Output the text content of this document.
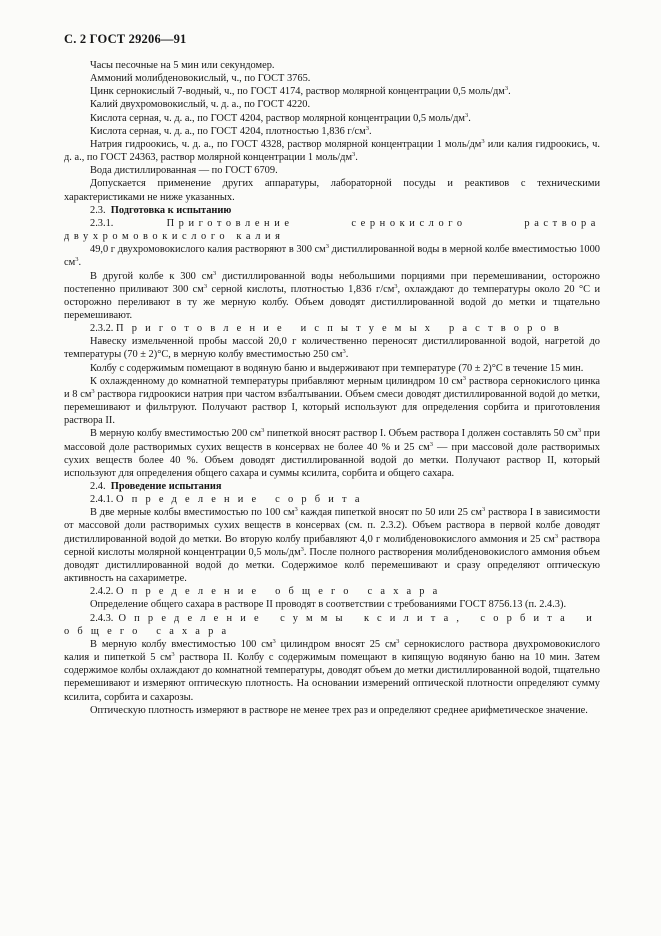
С. 2 ГОСТ 29206—91

Часы песочные на 5 мин или секундомер.

Аммоний молибденовокислый, ч., по ГОСТ 3765.

Цинк сернокислый 7-водный, ч., по ГОСТ 4174, раствор молярной концентрации 0,5 моль/$дм^3$.

Калий двухромовокислый, ч. д. а., по ГОСТ 4220.

Кислота серная, ч. д. а., по ГОСТ 4204, раствор молярной концентрации 0,5 моль/$дм^3$.

Кислота серная, ч. д. а., по ГОСТ 4204, плотностью 1,836 $г/см^3$.

Натрия гидроокись, ч. д. а., по ГОСТ 4328, раствор молярной концентрации 1 моль/$дм^3$ или калия гидроокись, ч. д. а., по ГОСТ 24363, раствор молярной концентрации 1 моль/$дм^3$.

Вода дистиллированная — по ГОСТ 6709.

Допускается применение других аппаратуры, лабораторной посуды и реактивов с техническими характеристиками не ниже указанных.

2.3. Подготовка к испытанию

2.3.1.	Приготовление сернокислого раствора двухромовокислого калия

49,0 г двухромовокислого калия растворяют в 300 $см^3$ дистиллированной воды в мерной колбе вместимостью 1000 $см^3$.

В другой колбе к 300 $см^3$ дистиллированной воды небольшими порциями при перемешивании, осторожно постепенно приливают 300 $см^3$ серной кислоты, плотностью 1,836 $г/см^3$, охлаждают до температуры около 20 °С и осторожно переливают в ту же мерную колбу. Объем доводят дистиллированной водой до метки и тщательно перемешивают.

2.3.2. Приготовление испытуемых растворов

Навеску измельченной пробы массой 20,0 г количественно переносят дистиллированной водой, нагретой до температуры (70 ± 2)°С, в мерную колбу вместимостью 250 $см^3$.

Колбу с содержимым помещают в водяную баню и выдерживают при температуре (70 ± 2)°С в течение 15 мин.

К охлажденному до комнатной температуры прибавляют мерным цилиндром 10 $см^3$ раствора сернокислого цинка и 8 $см^3$ раствора гидроокиси натрия при частом взбалтывании. Объем смеси доводят дистиллированной водой до метки, перемешивают и фильтруют. Получают раствор I, который используют для определения сорбита и приготовления раствора II.

В мерную колбу вместимостью 200 $см^3$ пипеткой вносят раствор I. Объем раствора I должен составлять 50 $см^3$ при массовой доле растворимых сухих веществ в консервах не более 40 % и 25 $см^3$ — при массовой доле растворимых сухих веществ более 40 %. Объем доводят дистиллированной водой до метки. Получают раствор II, который используют для определения общего сахара и суммы ксилита, сорбита и общего сахара.

2.4. Проведение испытания

2.4.1. Определение сорбита

В две мерные колбы вместимостью по 100 $см^3$ каждая пипеткой вносят по 50 или 25 $см^3$ раствора I в зависимости от массовой доли растворимых сухих веществ в консервах (см. п. 2.3.2). Объем раствора в первой колбе доводят дистиллированной водой до метки. Во вторую колбу прибавляют 4,0 г молибденовокислого аммония и 25 $см^3$ раствора серной кислоты молярной концентрации 0,5 моль/$дм^3$. После полного растворения молибденовокислого аммония объем доводят дистиллированной водой до метки. Содержимое колб перемешивают и сразу определяют оптическую активность на сахариметре.

2.4.2. Определение общего сахара

Определение общего сахара в растворе II проводят в соответствии с требованиями ГОСТ 8756.13 (п. 2.4.3).

2.4.3. Определение суммы ксилита, сорбита и общего сахара

В мерную колбу вместимостью 100 $см^3$ цилиндром вносят 25 $см^3$ сернокислого раствора двухромовокислого калия и пипеткой 5 $см^3$ раствора II. Колбу с содержимым помещают в кипящую водяную баню на 10 мин. Затем содержимое колбы охлаждают до комнатной температуры, доводят объем до метки дистиллированной водой, тщательно перемешивают и измеряют оптическую плотность. На основании измерений оптической плотности определяют сумму ксилита, сорбита и сахарозы.

Оптическую плотность измеряют в растворе не менее трех раз и определяют среднее арифметическое значение.
